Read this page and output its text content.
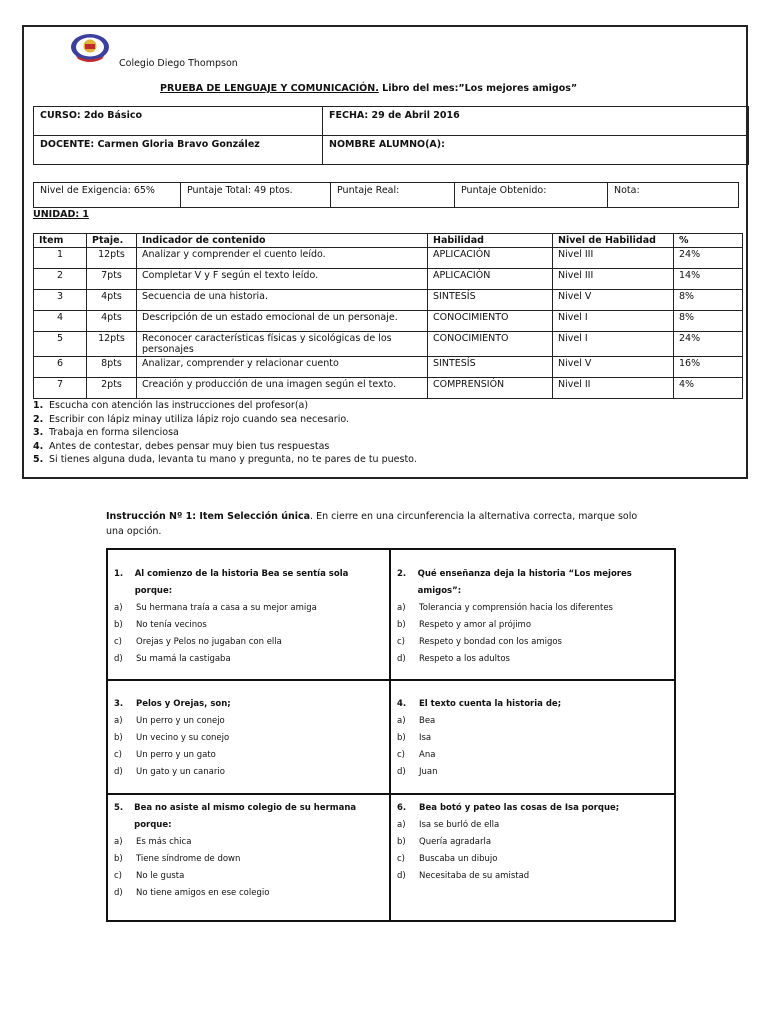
Colegio Diego Thompson
PRUEBA DE LENGUAJE Y COMUNICACIÓN. Libro del mes:”Los mejores amigos”
CURSO: 2do Básico	FECHA: 29 de Abril 2016
DOCENTE: Carmen Gloria Bravo González	NOMBRE ALUMNO(A):
Nivel de Exigencia: 65%	Puntaje Total: 49 ptos.	Puntaje Real:	Puntaje Obtenido:	Nota:
UNIDAD: 1
Item	Ptaje.	Indicador de contenido	Habilidad	Nivel de Habilidad	%
1	12pts	Analizar y comprender el cuento leído.	APLICACIÓN	Nivel III	24%
2	7pts	Completar V y F según el texto leído.	APLICACIÓN	Nivel III	14%
3	4pts	Secuencia de una historia.	SINTESÍS	Nivel V	8%
4	4pts	Descripción de un estado emocional de un personaje.	CONOCIMIENTO	Nivel I	8%
5	12pts	Reconocer características físicas y sicológicas de los personajes	CONOCIMIENTO	Nivel I	24%
6	8pts	Analizar, comprender y relacionar cuento	SINTESÍS	Nivel V	16%
7	2pts	Creación y producción de una imagen según el texto.	COMPRENSIÓN	Nivel II	4%
1. Escucha con atención las instrucciones del profesor(a)
2. Escribir con lápiz minay utiliza lápiz rojo cuando sea necesario.
3. Trabaja en forma silenciosa
4. Antes de contestar, debes pensar muy bien tus respuestas
5. Si tienes alguna duda, levanta tu mano y pregunta, no te pares de tu puesto.
Instrucción Nº 1: Item Selección única. En cierre en una circunferencia la alternativa correcta, marque solo una opción.
1.	Al comienzo de la historia Bea se sentía sola porque:
a)	Su hermana traía a casa a su mejor amiga
b)	No tenía vecinos
c)	Orejas y Pelos no jugaban con ella
d)	Su mamá la castigaba
2.	Qué enseñanza deja la historia “Los mejores amigos”:
a)	Tolerancia y comprensión hacia los diferentes
b)	Respeto y amor al prójimo
c)	Respeto y bondad con los amigos
d)	Respeto a los adultos
3.	Pelos y Orejas, son;
a)	Un perro y un conejo
b)	Un vecino y su conejo
c)	Un perro y un gato
d)	Un gato y un canario
4.	El texto cuenta la historia de;
a)	Bea
b)	Isa
c)	Ana
d)	Juan
5.	Bea no asiste al mismo colegio de su hermana porque:
a)	Es más chica
b)	Tiene síndrome de down
c)	No le gusta
d)	No tiene amigos en ese colegio
6.	Bea botó y pateo las cosas de Isa porque;
a)	Isa se burló de ella
b)	Quería agradarla
c)	Buscaba un dibujo
d)	Necesitaba de su amistad
